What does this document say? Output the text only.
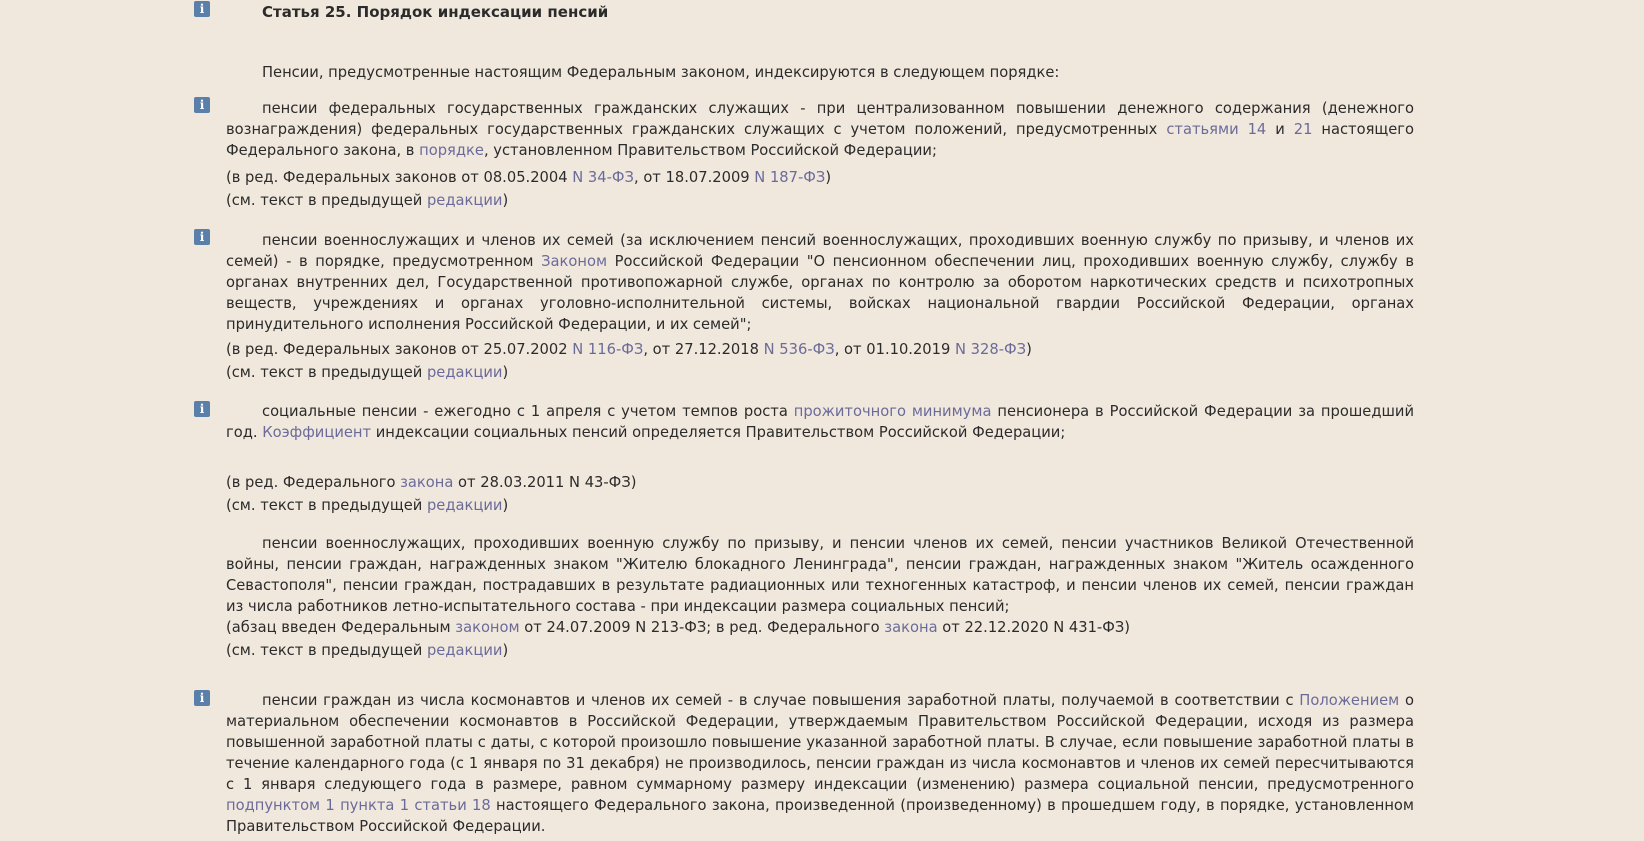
i	Статья 25. Порядок индексации пенсий

Пенсии, предусмотренные настоящим Федеральным законом, индексируются в следующем порядке:

i	пенсии федеральных государственных гражданских служащих - при централизованном повышении денежного содержания (денежного вознаграждения) федеральных государственных гражданских служащих с учетом положений, предусмотренных статьями 14 и 21 настоящего Федерального закона, в порядке, установленном Правительством Российской Федерации;

(в ред. Федеральных законов от 08.05.2004 N 34-ФЗ, от 18.07.2009 N 187-ФЗ)
(см. текст в предыдущей редакции)
i	пенсии военнослужащих и членов их семей (за исключением пенсий военнослужащих, проходивших военную службу по призыву, и членов их семей) - в порядке, предусмотренном Законом Российской Федерации "О пенсионном обеспечении лиц, проходивших военную службу, службу в органах внутренних дел, Государственной противопожарной службе, органах по контролю за оборотом наркотических средств и психотропных веществ, учреждениях и органах уголовно-исполнительной системы, войсках национальной гвардии Российской Федерации, органах принудительного исполнения Российской Федерации, и их семей";

(в ред. Федеральных законов от 25.07.2002 N 116-ФЗ, от 27.12.2018 N 536-ФЗ, от 01.10.2019 N 328-ФЗ)
(см. текст в предыдущей редакции)
i	социальные пенсии - ежегодно с 1 апреля с учетом темпов роста прожиточного минимума пенсионера в Российской Федерации за прошедший год. Коэффициент индексации социальных пенсий определяется Правительством Российской Федерации;

(в ред. Федерального закона от 28.03.2011 N 43-ФЗ)
(см. текст в предыдущей редакции)

пенсии военнослужащих, проходивших военную службу по призыву, и пенсии членов их семей, пенсии участников Великой Отечественной войны, пенсии граждан, награжденных знаком "Жителю блокадного Ленинграда", пенсии граждан, награжденных знаком "Житель осажденного Севастополя", пенсии граждан, пострадавших в результате радиационных или техногенных катастроф, и пенсии членов их семей, пенсии граждан из числа работников летно-испытательного состава - при индексации размера социальных пенсий;

(абзац введен Федеральным законом от 24.07.2009 N 213-ФЗ; в ред. Федерального закона от 22.12.2020 N 431-ФЗ)
(см. текст в предыдущей редакции)
i	пенсии граждан из числа космонавтов и членов их семей - в случае повышения заработной платы, получаемой в соответствии с Положением о материальном обеспечении космонавтов в Российской Федерации, утверждаемым Правительством Российской Федерации, исходя из размера повышенной заработной платы с даты, с которой произошло повышение указанной заработной платы. В случае, если повышение заработной платы в течение календарного года (с 1 января по 31 декабря) не производилось, пенсии граждан из числа космонавтов и членов их семей пересчитываются с 1 января следующего года в размере, равном суммарному размеру индексации (изменению) размера социальной пенсии, предусмотренного подпунктом 1 пункта 1 статьи 18 настоящего Федерального закона, произведенной (произведенному) в прошедшем году, в порядке, установленном Правительством Российской Федерации.
